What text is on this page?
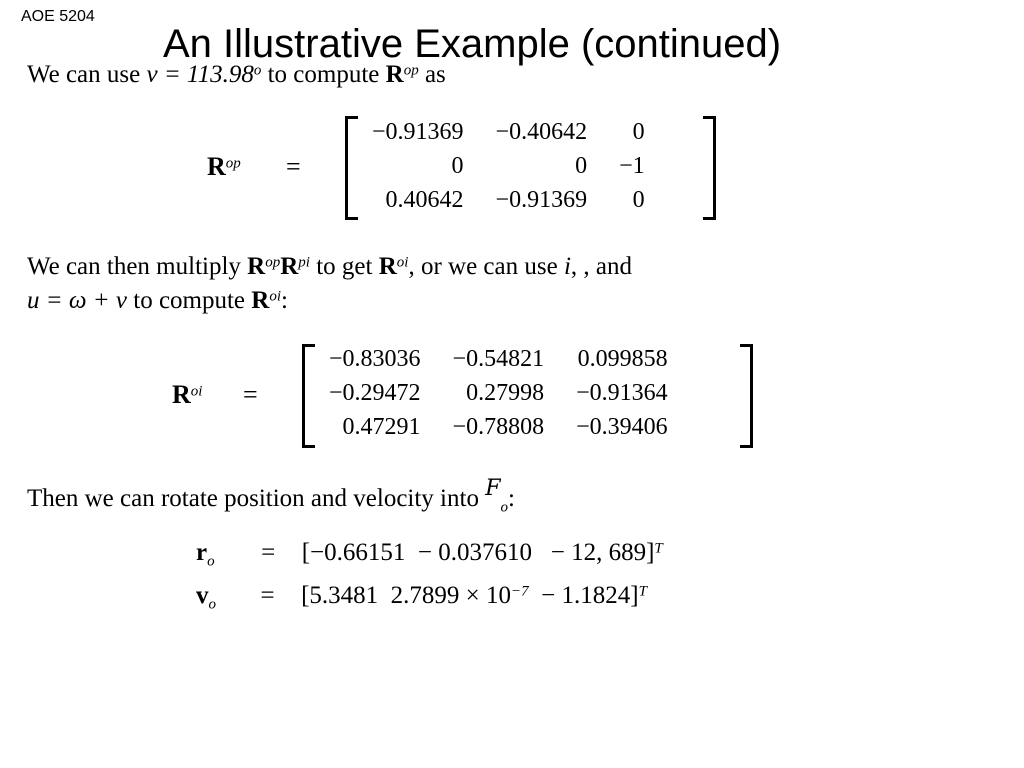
AOE 5204
An Illustrative Example (continued)
We can use $\nu = 113.98^o$ to compute $R^{op}$ as
$R^{op}$ =
−0.91369	−0.40642	0
0	0	−1
0.40642	−0.91369	0
We can then multiply $R^{op}R^{pi}$ to get $R^{oi}$, or we can use i, , and
u = ω + ν to compute $R^{oi}$:
$R^{oi}$ =
−0.83036	−0.54821	0.099858
−0.29472	0.27998	−0.91364
0.47291	−0.78808	−0.39406
Then we can rotate position and velocity into $F_o$:
$r_o = [-0.66151 - 0.037610 - 12$, 689]$^T$
$v_o = [5.3481$  $2.7899 \times 10^{-7} - 1.1824]^T$
